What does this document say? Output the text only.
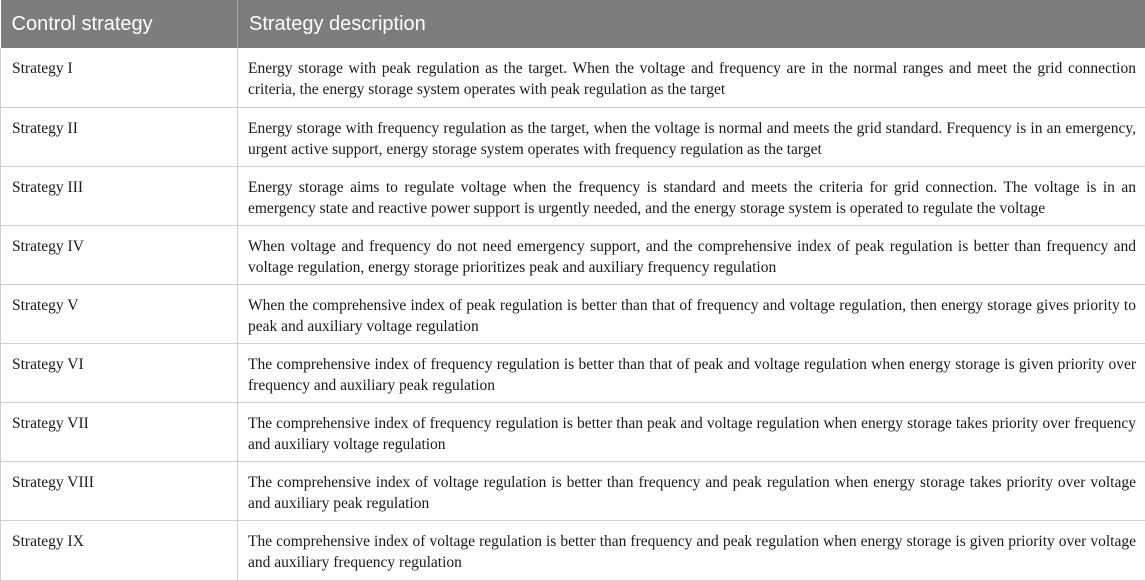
Control strategy	Strategy description
Strategy I	Energy storage with peak regulation as the target. When the voltage and frequency are in the normal ranges and meet the grid connection criteria, the energy storage system operates with peak regulation as the target
Strategy II	Energy storage with frequency regulation as the target, when the voltage is normal and meets the grid standard. Frequency is in an emergency, urgent active support, energy storage system operates with frequency regulation as the target
Strategy III	Energy storage aims to regulate voltage when the frequency is standard and meets the criteria for grid connection. The voltage is in an emergency state and reactive power support is urgently needed, and the energy storage system is operated to regulate the voltage
Strategy IV	When voltage and frequency do not need emergency support, and the comprehensive index of peak regulation is better than frequency and voltage regulation, energy storage prioritizes peak and auxiliary frequency regulation
Strategy V	When the comprehensive index of peak regulation is better than that of frequency and voltage regulation, then energy storage gives priority to peak and auxiliary voltage regulation
Strategy VI	The comprehensive index of frequency regulation is better than that of peak and voltage regulation when energy storage is given priority over frequency and auxiliary peak regulation
Strategy VII	The comprehensive index of frequency regulation is better than peak and voltage regulation when energy storage takes priority over frequency and auxiliary voltage regulation
Strategy VIII	The comprehensive index of voltage regulation is better than frequency and peak regulation when energy storage takes priority over voltage and auxiliary peak regulation
Strategy IX	The comprehensive index of voltage regulation is better than frequency and peak regulation when energy storage is given priority over voltage and auxiliary frequency regulation
